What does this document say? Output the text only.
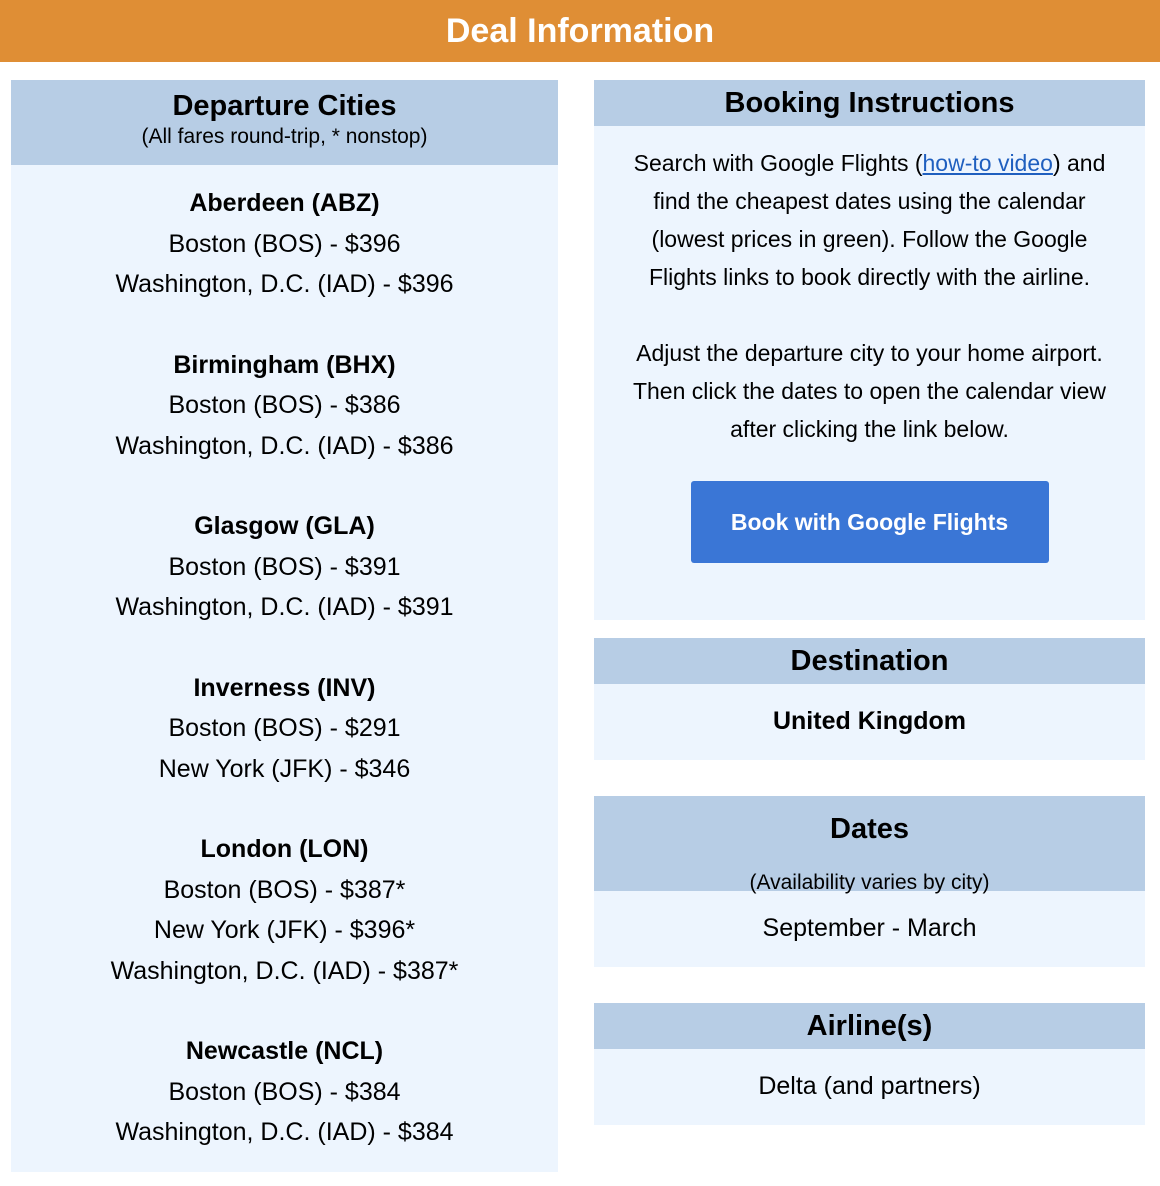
Deal Information
Departure Cities
(All fares round-trip, * nonstop)
Aberdeen (ABZ)
Boston (BOS) - $396
Washington, D.C. (IAD) - $396
Birmingham (BHX)
Boston (BOS) - $386
Washington, D.C. (IAD) - $386
Glasgow (GLA)
Boston (BOS) - $391
Washington, D.C. (IAD) - $391
Inverness (INV)
Boston (BOS) - $291
New York (JFK) - $346
London (LON)
Boston (BOS) - $387*
New York (JFK) - $396*
Washington, D.C. (IAD) - $387*
Newcastle (NCL)
Boston (BOS) - $384
Washington, D.C. (IAD) - $384
Booking Instructions

Search with Google Flights (how-to video) and find the cheapest dates using the calendar (lowest prices in green). Follow the Google Flights links to book directly with the airline.

Adjust the departure city to your home airport. Then click the dates to open the calendar view after clicking the link below.

Book with Google Flights
Destination
United Kingdom
Dates
(Availability varies by city)
September - March
Airline(s)
Delta (and partners)
